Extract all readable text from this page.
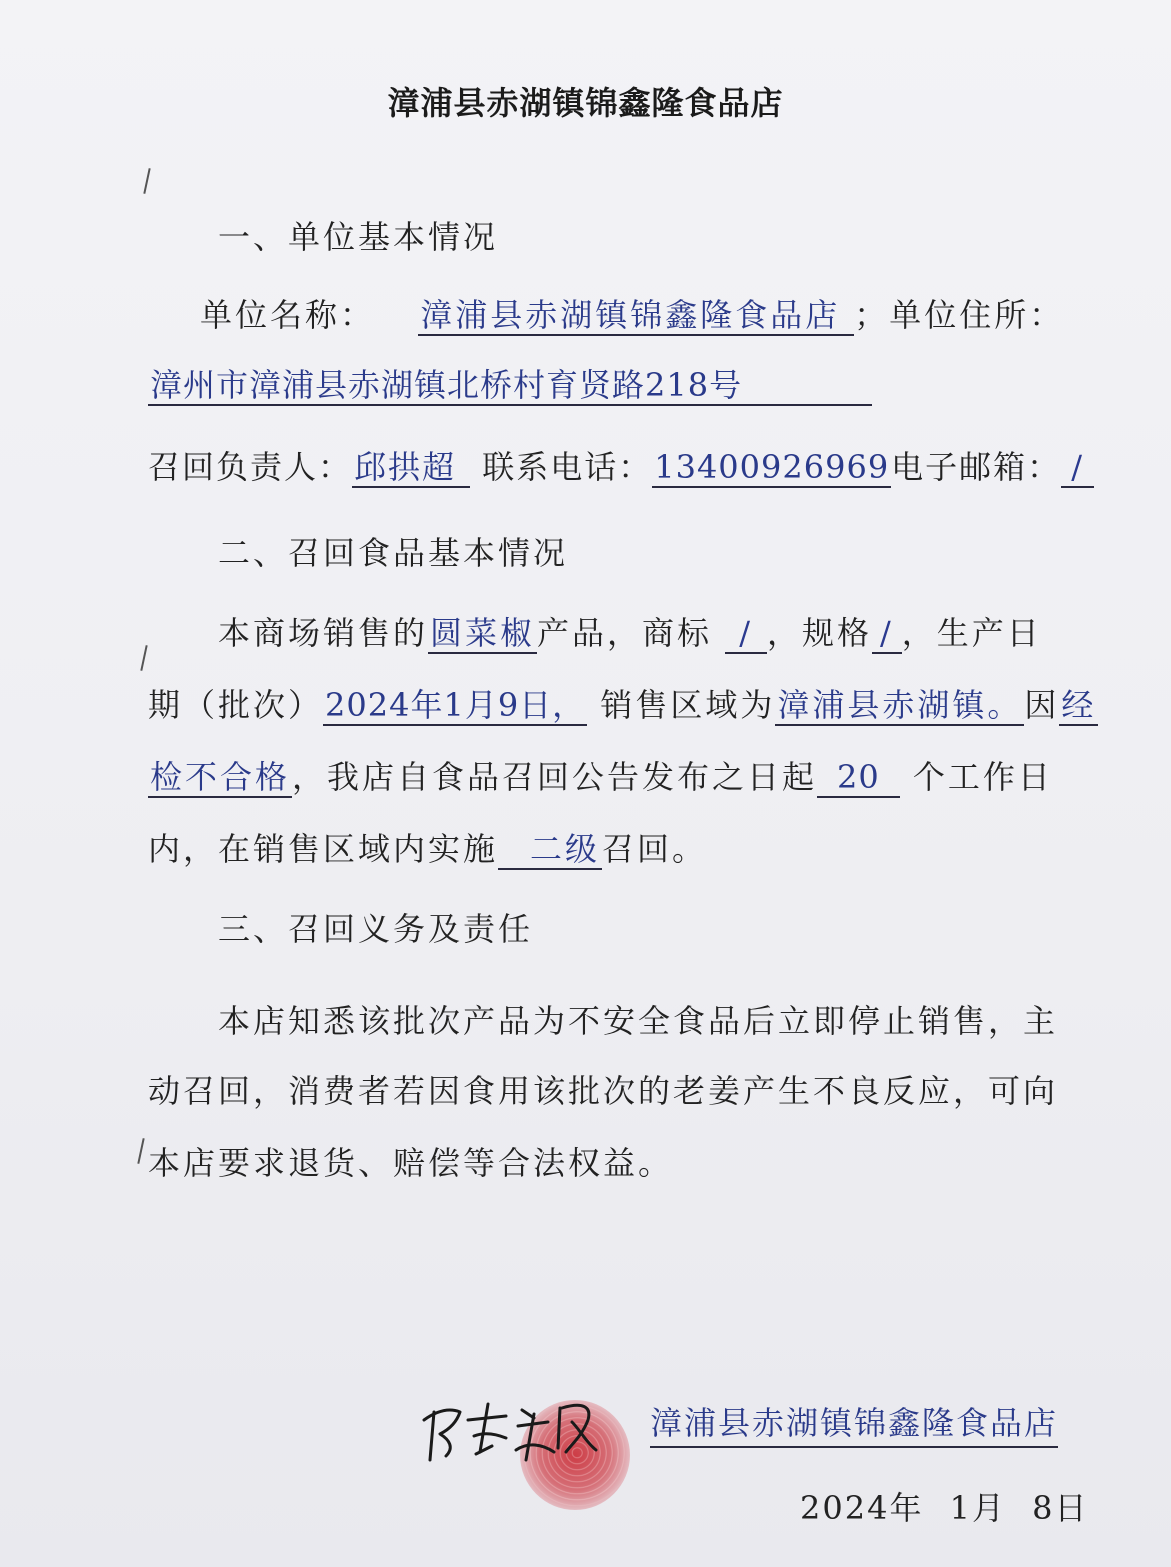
漳浦县赤湖镇锦鑫隆食品店
一、单位基本情况
单位名称： 漳浦县赤湖镇锦鑫隆食品店 ；单位住所：
漳州市漳浦县赤湖镇北桥村育贤路218号
召回负责人：邱拱超 联系电话：13400926969电子邮箱： /
二、召回食品基本情况
本商场销售的圆菜椒产品，商标 / ，规格 / ，生产日
期（批次）2024年1月9日， 销售区域为漳浦县赤湖镇。因经
检不合格，我店自食品召回公告发布之日起 20 个工作日
内，在销售区域内实施 二级召回。
三、召回义务及责任
本店知悉该批次产品为不安全食品后立即停止销售，主
动召回，消费者若因食用该批次的老姜产生不良反应，可向
本店要求退货、赔偿等合法权益。
漳浦县赤湖镇锦鑫隆食品店
2024年 1月 8日
